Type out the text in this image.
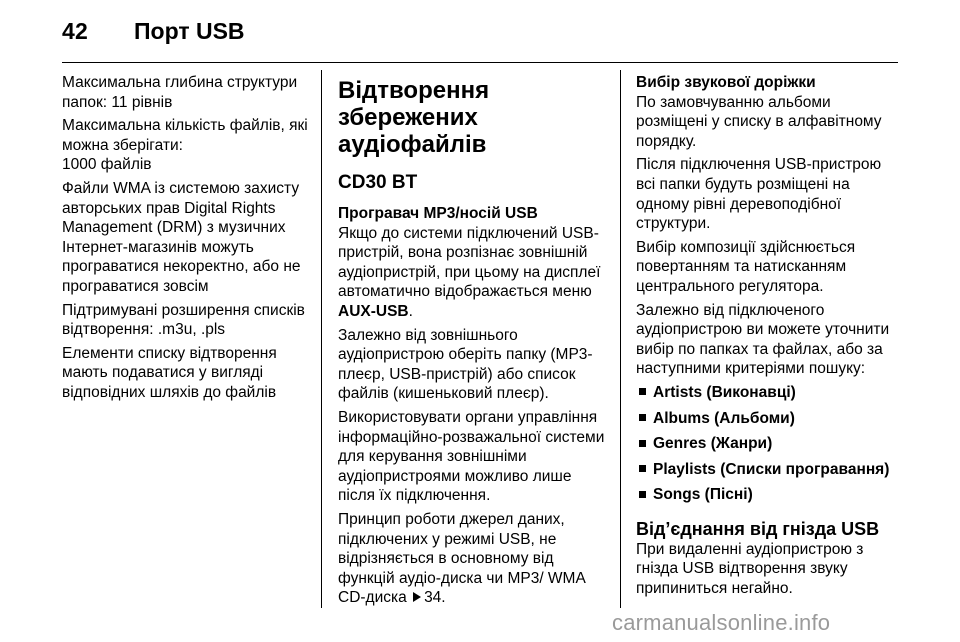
42 Порт USB

Максимальна глибина структури папок: 11 рівнів

Максимальна кількість файлів, які можна зберігати:
1000 файлів

Файли WMA із системою захисту авторських прав Digital Rights Management (DRM) з музичних Інтернет-магазинів можуть програватися некоректно, або не програватися зовсім

Підтримувані розширення списків відтворення: .m3u, .pls

Елементи списку відтворення мають подаватися у вигляді відповідних шляхів до файлів

Відтворення збережених аудіофайлів
CD30 BT
Програвач MP3/носій USB

Якщо до системи підключений USB-пристрій, вона розпізнає зовнішній аудіопристрій, при цьому на дисплеї автоматично відображається меню AUX-USB.

Залежно від зовнішнього аудіопристрою оберіть папку (MP3-плеєр, USB-пристрій) або список файлів (кишеньковий плеєр).

Використовувати органи управління інформаційно-розважальної системи для керування зовнішніми аудіопристроями можливо лише після їх підключення.

Принцип роботи джерел даних, підключених у режимі USB, не відрізняється в основному від функцій аудіо-диска чи MP3/ WMA CD-диска 34.

Вибір звукової доріжки

По замовчуванню альбоми розміщені у списку в алфавітному порядку.

Після підключення USB-пристрою всі папки будуть розміщені на одному рівні деревоподібної структури.

Вибір композиції здійснюється повертанням та натисканням центрального регулятора.

Залежно від підключеного аудіопристрою ви можете уточнити вибір по папках та файлах, або за наступними критеріями пошуку:

Artists (Виконавці)
Albums (Альбоми)
Genres (Жанри)
Playlists (Списки програвання)
Songs (Пісні)
Від’єднання від гнізда USB

При видаленні аудіопристрою з гнізда USB відтворення звуку припиниться негайно.

carmanualsonline.info
